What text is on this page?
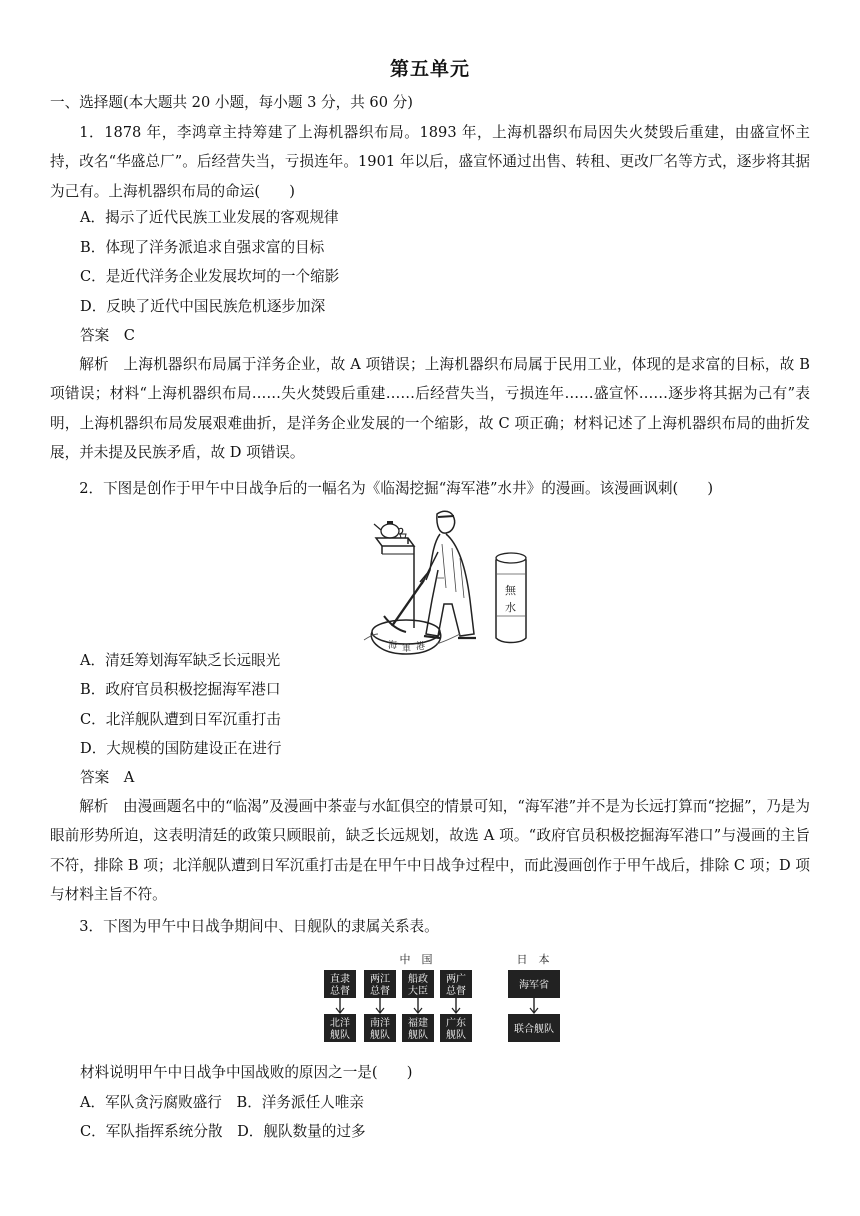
第五单元
一、选择题(本大题共 20 小题，每小题 3 分，共 60 分)
1．1878 年，李鸿章主持筹建了上海机器织布局。1893 年，上海机器织布局因失火焚毁后重建，由盛宣怀主持，改名“华盛总厂”。后经营失当，亏损连年。1901 年以后，盛宣怀通过出售、转租、更改厂名等方式，逐步将其据为己有。上海机器织布局的命运(　　)
A．揭示了近代民族工业发展的客观规律
B．体现了洋务派追求自强求富的目标
C．是近代洋务企业发展坎坷的一个缩影
D．反映了近代中国民族危机逐步加深
答案　C
解析　上海机器织布局属于洋务企业，故 A 项错误；上海机器织布局属于民用工业，体现的是求富的目标，故 B 项错误；材料“上海机器织布局……失火焚毁后重建……后经营失当，亏损连年……盛宣怀……逐步将其据为己有”表明，上海机器织布局发展艰难曲折，是洋务企业发展的一个缩影，故 C 项正确；材料记述了上海机器织布局的曲折发展，并未提及民族矛盾，故 D 项错误。
2．下图是创作于甲午中日战争后的一幅名为《临渴挖掘“海军港”水井》的漫画。该漫画讽刺(　　)
海 軍 港
無
水
A．清廷筹划海军缺乏长远眼光
B．政府官员积极挖掘海军港口
C．北洋舰队遭到日军沉重打击
D．大规模的国防建设正在进行
答案　A
解析　由漫画题名中的“临渴”及漫画中茶壶与水缸俱空的情景可知，“海军港”并不是为长远打算而“挖掘”，乃是为眼前形势所迫，这表明清廷的政策只顾眼前，缺乏长远规划，故选 A 项。“政府官员积极挖掘海军港口”与漫画的主旨不符，排除 B 项；北洋舰队遭到日军沉重打击是在甲午中日战争过程中，而此漫画创作于甲午战后，排除 C 项；D 项与材料主旨不符。
3．下图为甲午中日战争期间中、日舰队的隶属关系表。
中　国	日　本
直隶
总督
两江
总督
船政
大臣
两广
总督
北洋
舰队
南洋
舰队
福建
舰队
广东
舰队
海军省
联合舰队
材料说明甲午中日战争中国战败的原因之一是(　　)
A．军队贪污腐败盛行　B．洋务派任人唯亲
C．军队指挥系统分散　D．舰队数量的过多
